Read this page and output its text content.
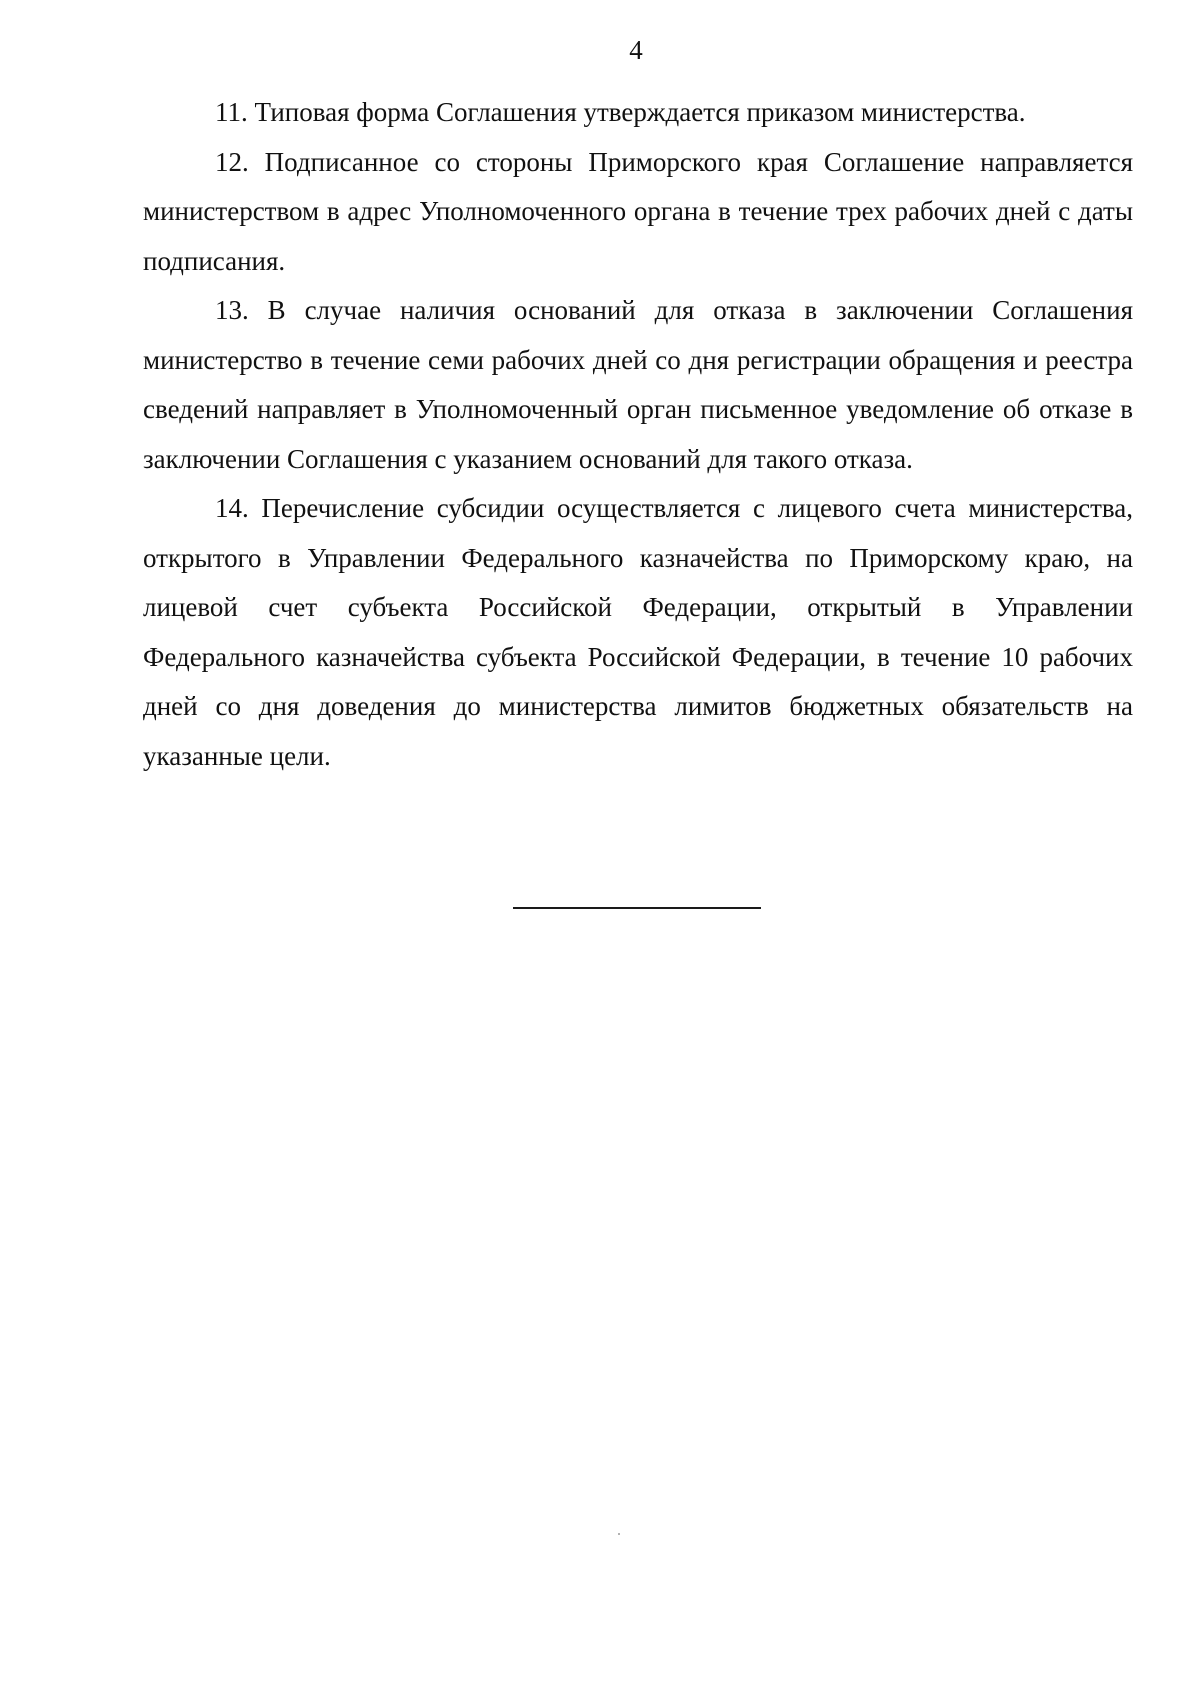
4

11. Типовая форма Соглашения утверждается приказом министерства.

12. Подписанное со стороны Приморского края Соглашение направляется министерством в адрес Уполномоченного органа в течение трех рабочих дней с даты подписания.

13. В случае наличия оснований для отказа в заключении Соглашения министерство в течение семи рабочих дней со дня регистрации обращения и реестра сведений направляет в Уполномоченный орган письменное уведомление об отказе в заключении Соглашения с указанием оснований для такого отказа.

14. Перечисление субсидии осуществляется с лицевого счета министерства, открытого в Управлении Федерального казначейства по Приморскому краю, на лицевой счет субъекта Российской Федерации, открытый в Управлении Федерального казначейства субъекта Российской Федерации, в течение 10 рабочих дней со дня доведения до министерства лимитов бюджетных обязательств на указанные цели.
